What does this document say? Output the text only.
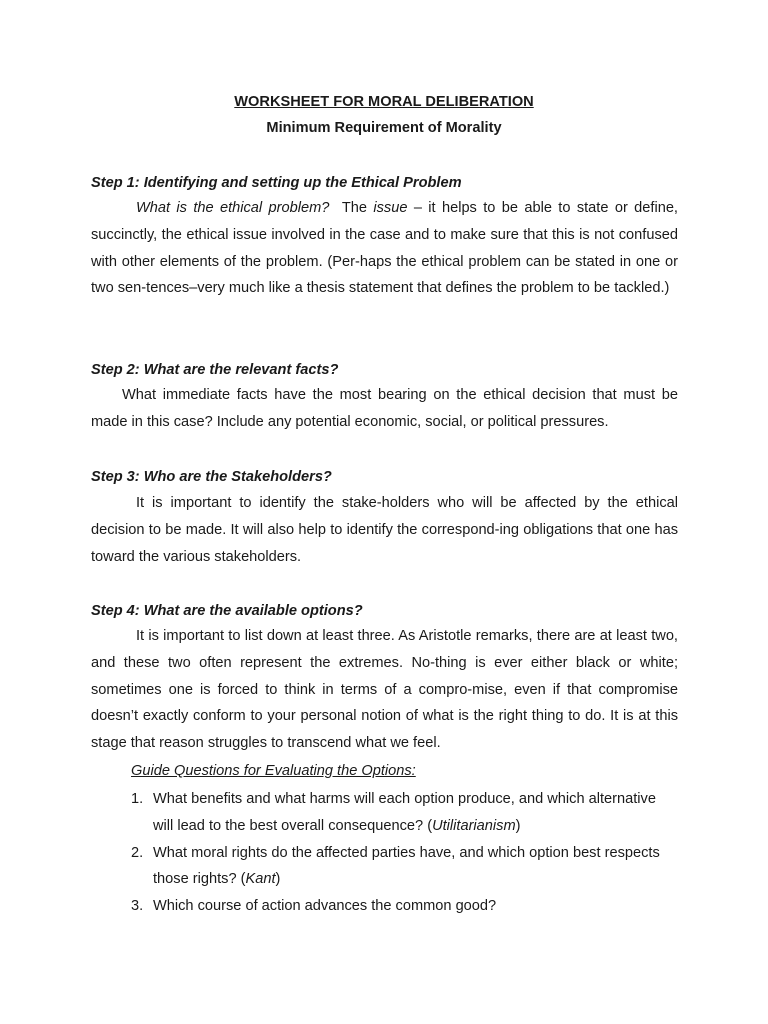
WORKSHEET FOR MORAL DELIBERATION

Minimum Requirement of Morality

Step 1: Identifying and setting up the Ethical Problem

What is the ethical problem? The issue – it helps to be able to state or define, succinctly, the ethical issue involved in the case and to make sure that this is not confused with other elements of the problem. (Per-haps the ethical problem can be stated in one or two sen-tences–very much like a thesis statement that defines the problem to be tackled.)

Step 2: What are the relevant facts?

What immediate facts have the most bearing on the ethical decision that must be made in this case? Include any potential economic, social, or political pressures.

Step 3: Who are the Stakeholders?

It is important to identify the stake-holders who will be affected by the ethical decision to be made. It will also help to identify the correspond-ing obligations that one has toward the various stakeholders.

Step 4: What are the available options?

It is important to list down at least three. As Aristotle remarks, there are at least two, and these two often represent the extremes. No-thing is ever either black or white; sometimes one is forced to think in terms of a compro-mise, even if that compromise doesn’t exactly conform to your personal notion of what is the right thing to do. It is at this stage that reason struggles to transcend what we feel.

Guide Questions for Evaluating the Options:

1. What benefits and what harms will each option produce, and which alternative will lead to the best overall consequence? (Utilitarianism)
2. What moral rights do the affected parties have, and which option best respects those rights? (Kant)
3. Which course of action advances the common good?
